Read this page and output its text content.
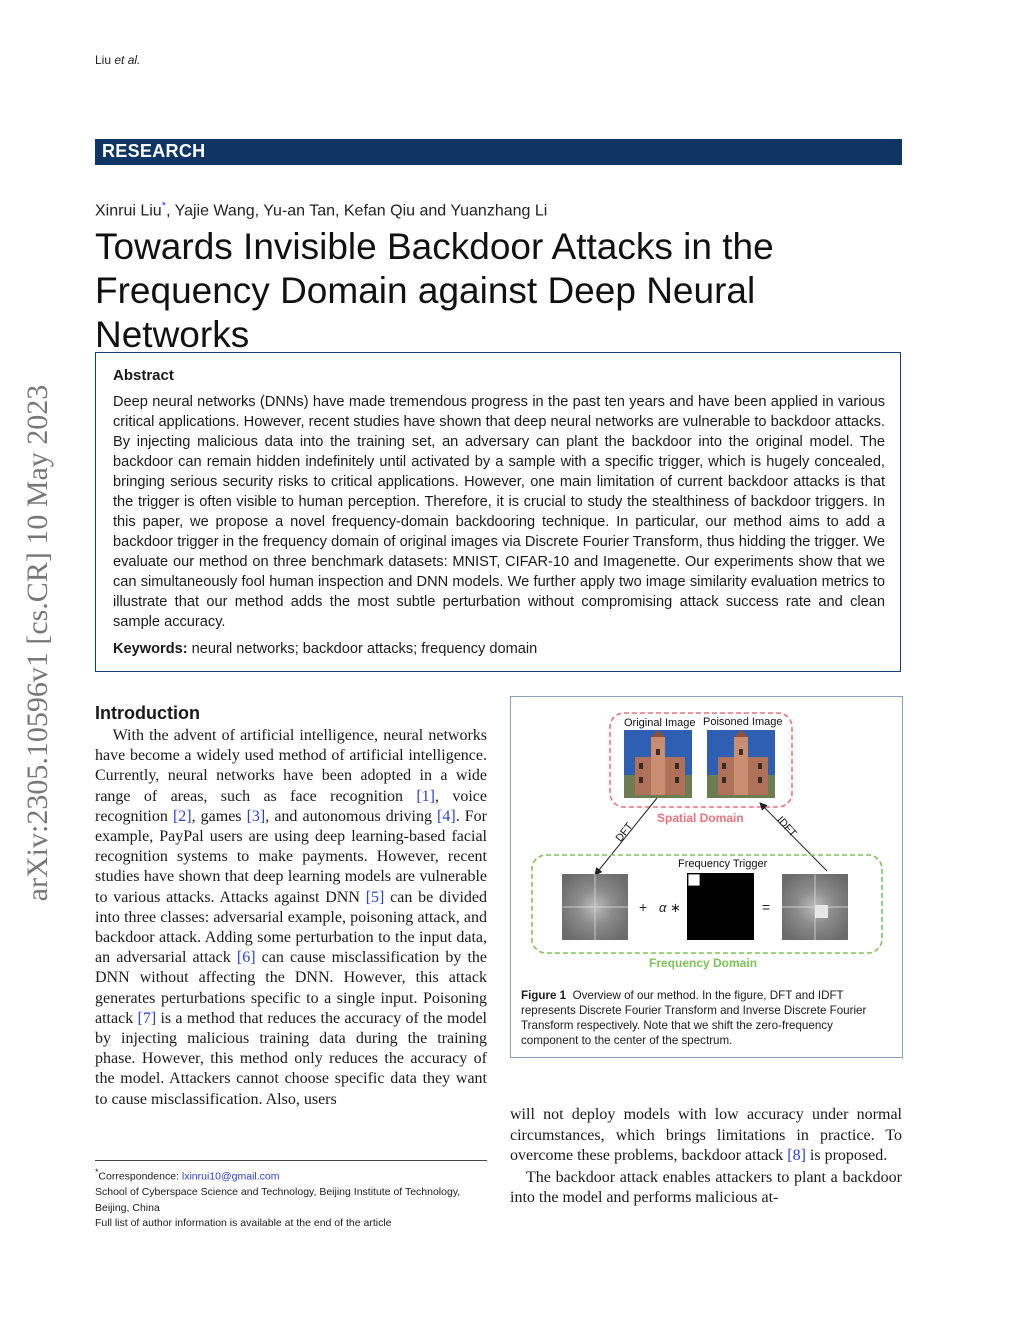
Liu et al.
RESEARCH
Xinrui Liu*, Yajie Wang, Yu-an Tan, Kefan Qiu and Yuanzhang Li
Towards Invisible Backdoor Attacks in the
Frequency Domain against Deep Neural Networks
Abstract
Deep neural networks (DNNs) have made tremendous progress in the past ten years and have been applied in various critical applications. However, recent studies have shown that deep neural networks are vulnerable to backdoor attacks. By injecting malicious data into the training set, an adversary can plant the backdoor into the original model. The backdoor can remain hidden indefinitely until activated by a sample with a specific trigger, which is hugely concealed, bringing serious security risks to critical applications. However, one main limitation of current backdoor attacks is that the trigger is often visible to human perception. Therefore, it is crucial to study the stealthiness of backdoor triggers. In this paper, we propose a novel frequency-domain backdooring technique. In particular, our method aims to add a backdoor trigger in the frequency domain of original images via Discrete Fourier Transform, thus hidding the trigger. We evaluate our method on three benchmark datasets: MNIST, CIFAR-10 and Imagenette. Our experiments show that we can simultaneously fool human inspection and DNN models. We further apply two image similarity evaluation metrics to illustrate that our method adds the most subtle perturbation without compromising attack success rate and clean sample accuracy.
Keywords: neural networks; backdoor attacks; frequency domain
arXiv:2305.10596v1 [cs.CR] 10 May 2023 Introduction
With the advent of artificial intelligence, neural networks have become a widely used method of artificial intelligence. Currently, neural networks have been adopted in a wide range of areas, such as face recognition [1], voice recognition [2], games [3], and autonomous driving [4]. For example, PayPal users are using deep learning-based facial recognition systems to make payments. However, recent studies have shown that deep learning models are vulnerable to various attacks. Attacks against DNN [5] can be divided into three classes: adversarial example, poisoning attack, and backdoor attack. Adding some perturbation to the input data, an adversarial attack [6] can cause misclassification by the DNN without affecting the DNN. However, this attack generates perturbations specific to a single input. Poisoning attack [7] is a method that reduces the accuracy of the model by injecting malicious training data during the training phase. However, this method only reduces the accuracy of the model. Attackers cannot choose specific data they want to cause misclassification. Also, users
*Correspondence: lxinrui10@gmail.com
School of Cyberspace Science and Technology, Beijing Institute of Technology, Beijing, China
Full list of author information is available at the end of the article
Original Image Poisoned Image
Spatial Domain
DFT	IDFT
Frequency Trigger
+ α ∗	=
Frequency Domain
Figure 1 Overview of our method. In the figure, DFT and IDFT represents Discrete Fourier Transform and Inverse Discrete Fourier Transform respectively. Note that we shift the zero-frequency component to the center of the spectrum.

will not deploy models with low accuracy under normal circumstances, which brings limitations in practice. To overcome these problems, backdoor attack [8] is proposed.

The backdoor attack enables attackers to plant a backdoor into the model and performs malicious at-
